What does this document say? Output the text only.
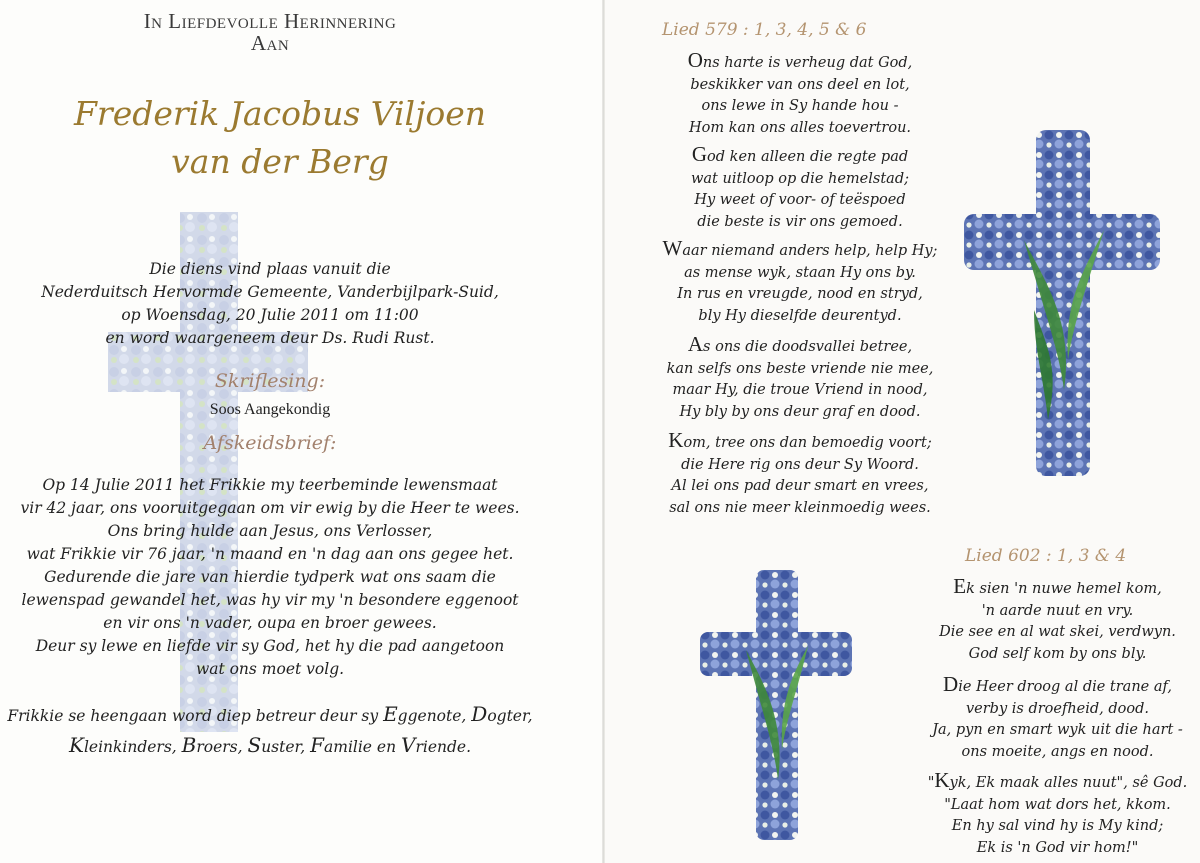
In Liefdevolle Herinnering
Aan
Frederik Jacobus Viljoen
van der Berg
Die diens vind plaas vanuit die
Nederduitsch Hervormde Gemeente, Vanderbijlpark-Suid,
op Woensdag, 20 Julie 2011 om 11:00
en word waargeneem deur Ds. Rudi Rust.
Skriflesing:
Soos Aangekondig
Afskeidsbrief:
Op 14 Julie 2011 het Frikkie my teerbeminde lewensmaat
vir 42 jaar, ons vooruitgegaan om vir ewig by die Heer te wees.
Ons bring hulde aan Jesus, ons Verlosser,
wat Frikkie vir 76 jaar, 'n maand en 'n dag aan ons gegee het.
Gedurende die jare van hierdie tydperk wat ons saam die
lewenspad gewandel het, was hy vir my 'n besondere eggenoot
en vir ons 'n vader, oupa en broer gewees.
Deur sy lewe en liefde vir sy God, het hy die pad aangetoon
wat ons moet volg.
Frikkie se heengaan word diep betreur deur sy Eggenote, Dogter,
Kleinkinders, Broers, Suster, Familie en Vriende.
Lied 579 : 1, 3, 4, 5 & 6
Ons harte is verheug dat God,
beskikker van ons deel en lot,
ons lewe in Sy hande hou -
Hom kan ons alles toevertrou.
God ken alleen die regte pad
wat uitloop op die hemelstad;
Hy weet of voor- of teëspoed
die beste is vir ons gemoed.
Waar niemand anders help, help Hy;
as mense wyk, staan Hy ons by.
In rus en vreugde, nood en stryd,
bly Hy dieselfde deurentyd.
As ons die doodsvallei betree,
kan selfs ons beste vriende nie mee,
maar Hy, die troue Vriend in nood,
Hy bly by ons deur graf en dood.
Kom, tree ons dan bemoedig voort;
die Here rig ons deur Sy Woord.
Al lei ons pad deur smart en vrees,
sal ons nie meer kleinmoedig wees.
Lied 602 : 1, 3 & 4
Ek sien 'n nuwe hemel kom,
'n aarde nuut en vry.
Die see en al wat skei, verdwyn.
God self kom by ons bly.
Die Heer droog al die trane af,
verby is droefheid, dood.
Ja, pyn en smart wyk uit die hart -
ons moeite, angs en nood.
"Kyk, Ek maak alles nuut", sê God.
"Laat hom wat dors het, kkom.
En hy sal vind hy is My kind;
Ek is 'n God vir hom!"
